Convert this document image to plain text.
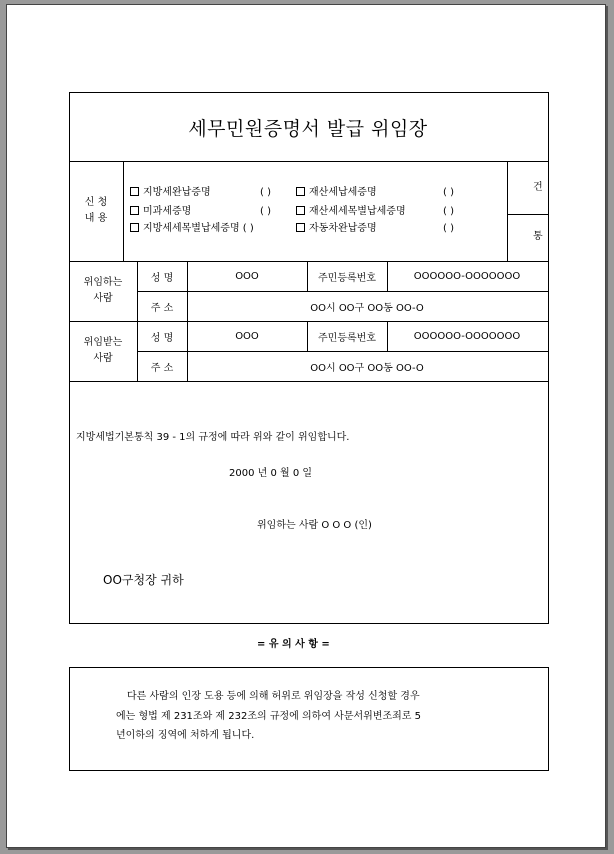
세무민원증명서 발급 위임장
신 청
내 용
지방세완납증명	( )
미과세증명	( )
지방세세목별납세증명 ( )
재산세납세증명	( )
재산세세목별납세증명	( )
자동차완납증명	( )
건
통
위임하는
사람
성 명	OOO	주민등록번호	OOOOOO-OOOOOOO
주 소	OO시 OO구 OO동 OO-O
위임받는
사람
성 명	OOO	주민등록번호	OOOOOO-OOOOOOO
주 소	OO시 OO구 OO동 OO-O
지방세법기본통칙 39 - 1의 규정에 따라 위와 같이 위임합니다.
2000 년 0 월 0 일
위임하는 사람 O O O (인)
OO구청장 귀하
= 유 의 사 항 =
다른 사람의 인장 도용 등에 의해 허위로 위임장을 작성 신청할 경우
에는 형법 제 231조와 제 232조의 규정에 의하여 사문서위변조죄로 5
년이하의 징역에 처하게 됩니다.
